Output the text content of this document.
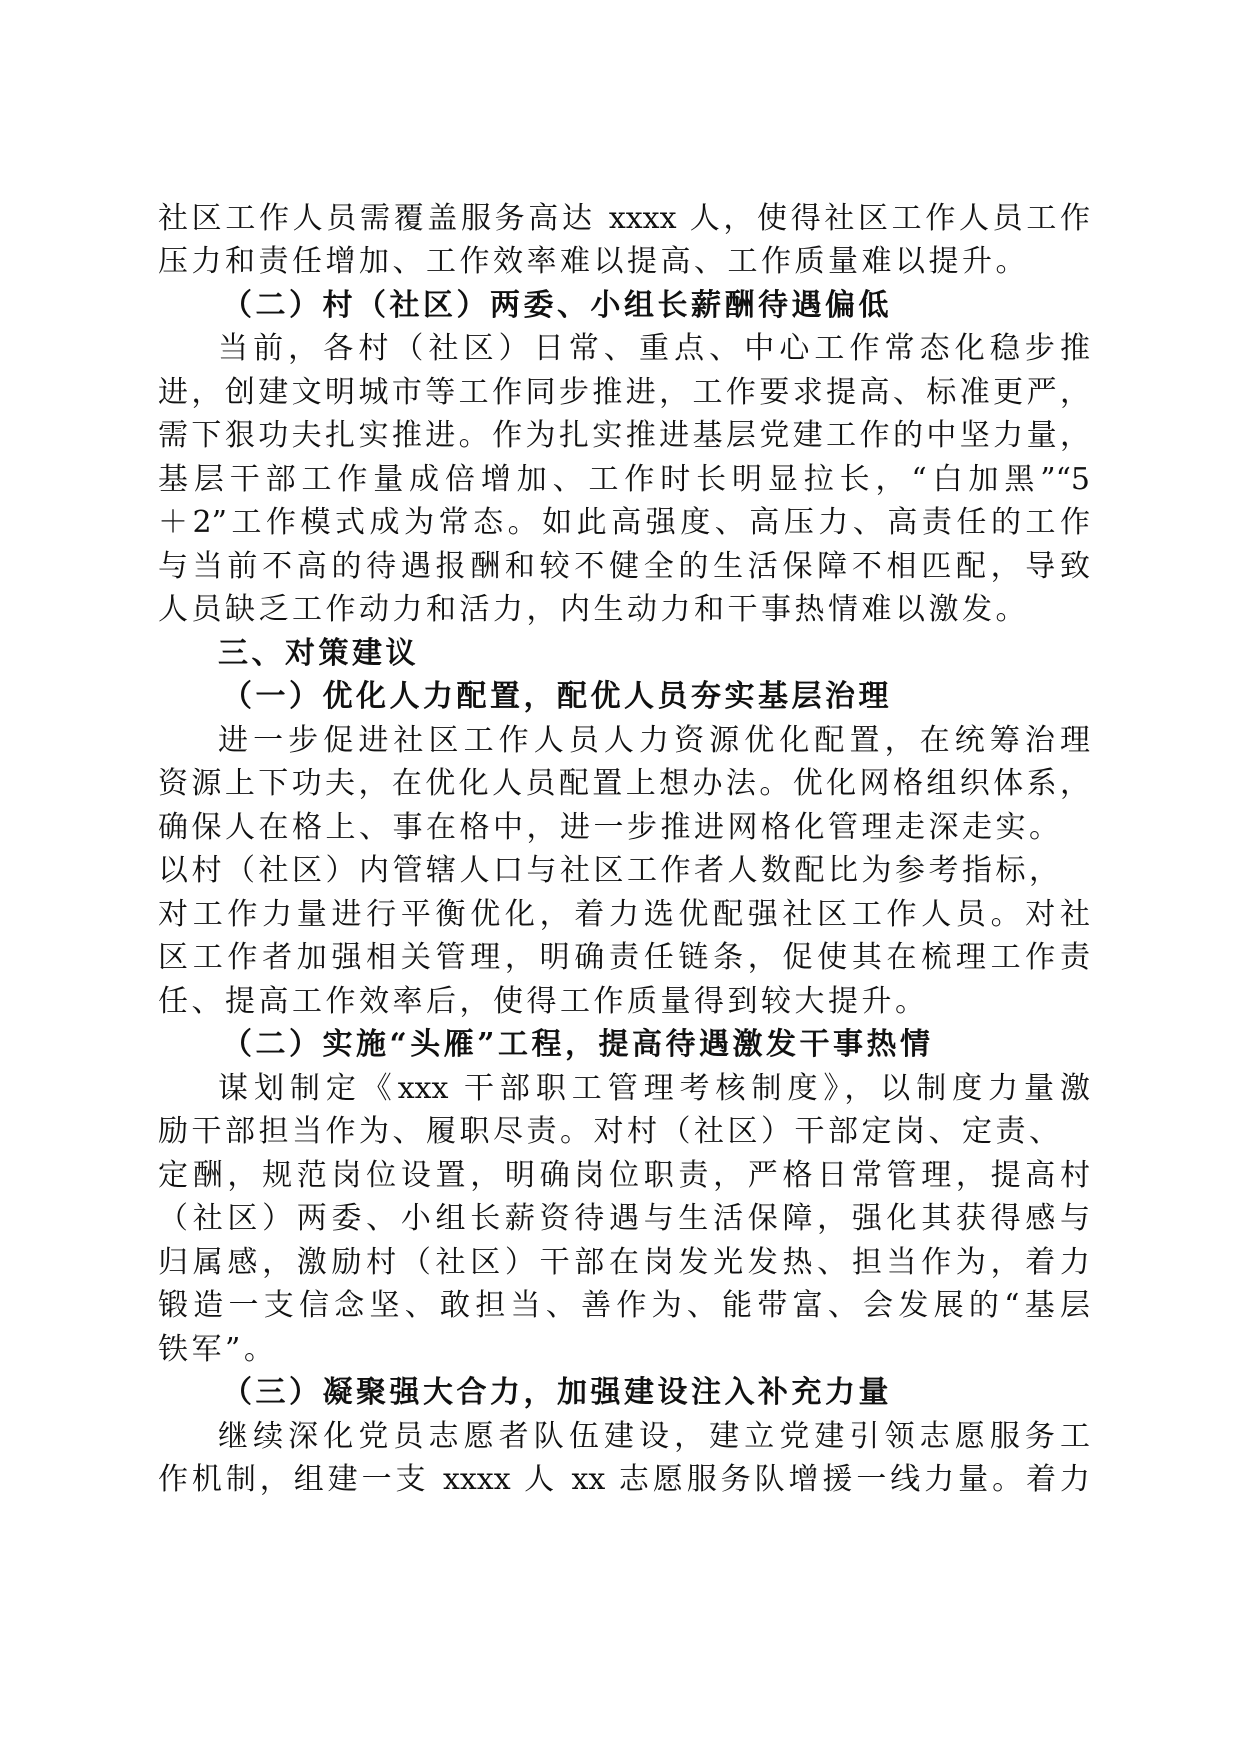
社区工作人员需覆盖服务高达 xxxx 人，使得社区工作人员工作
压力和责任增加、工作效率难以提高、工作质量难以提升。
（二）村（社区）两委、小组长薪酬待遇偏低
当前，各村（社区）日常、重点、中心工作常态化稳步推
进，创建文明城市等工作同步推进，工作要求提高、标准更严，
需下狠功夫扎实推进。作为扎实推进基层党建工作的中坚力量，
基层干部工作量成倍增加、工作时长明显拉长，“白加黑”“5
＋2”工作模式成为常态。如此高强度、高压力、高责任的工作
与当前不高的待遇报酬和较不健全的生活保障不相匹配，导致
人员缺乏工作动力和活力，内生动力和干事热情难以激发。
三、对策建议
（一）优化人力配置，配优人员夯实基层治理
进一步促进社区工作人员人力资源优化配置，在统筹治理
资源上下功夫，在优化人员配置上想办法。优化网格组织体系，
确保人在格上、事在格中，进一步推进网格化管理走深走实。
以村（社区）内管辖人口与社区工作者人数配比为参考指标，
对工作力量进行平衡优化，着力选优配强社区工作人员。对社
区工作者加强相关管理，明确责任链条，促使其在梳理工作责
任、提高工作效率后，使得工作质量得到较大提升。
（二）实施“头雁”工程，提高待遇激发干事热情
谋划制定《xxx 干部职工管理考核制度》，以制度力量激
励干部担当作为、履职尽责。对村（社区）干部定岗、定责、
定酬，规范岗位设置，明确岗位职责，严格日常管理，提高村
（社区）两委、小组长薪资待遇与生活保障，强化其获得感与
归属感，激励村（社区）干部在岗发光发热、担当作为，着力
锻造一支信念坚、敢担当、善作为、能带富、会发展的“基层
铁军”。
（三）凝聚强大合力，加强建设注入补充力量
继续深化党员志愿者队伍建设，建立党建引领志愿服务工
作机制，组建一支 xxxx 人 xx 志愿服务队增援一线力量。着力
